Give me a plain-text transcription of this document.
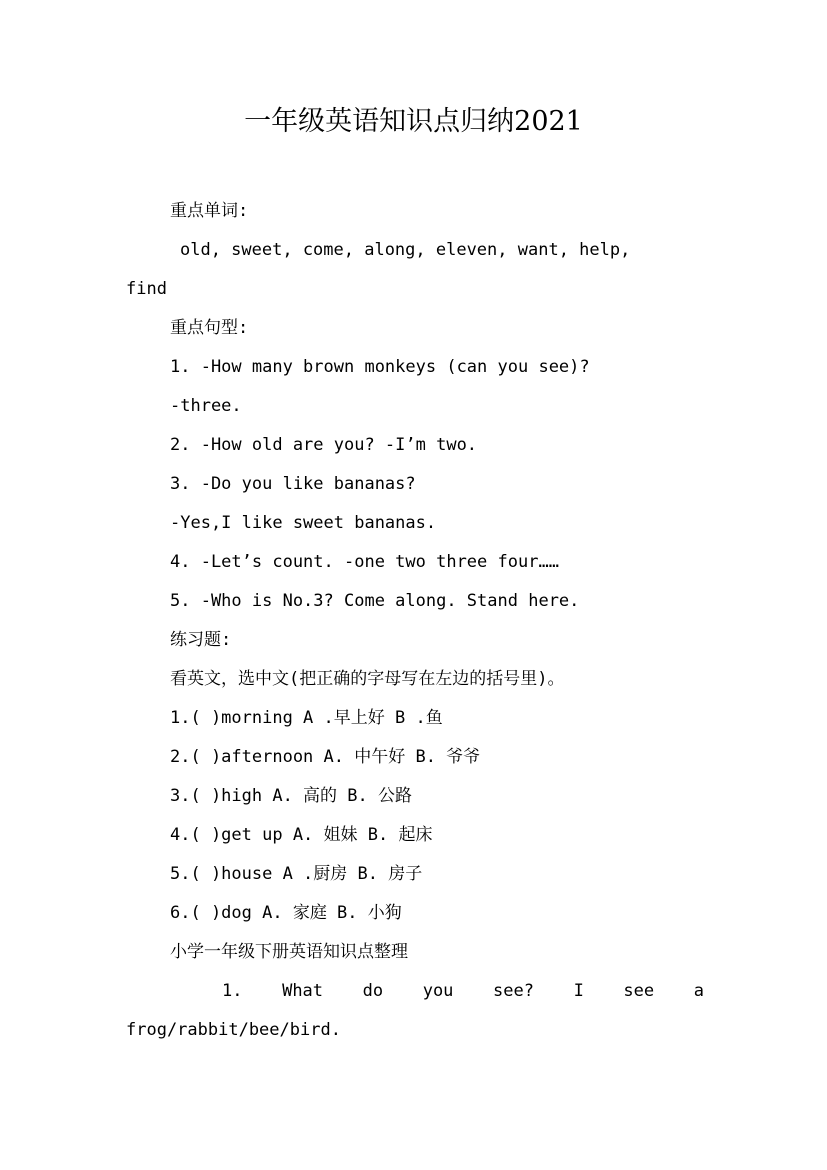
一年级英语知识点归纳2021
重点单词:
old, sweet, come, along, eleven, want, help,
find
重点句型:
1. -How many brown monkeys (can you see)?
-three.
2. -How old are you? -I’m two.
3. -Do you like bananas?
-Yes,I like sweet bananas.
4. -Let’s count. -one two three four……
5. -Who is No.3? Come along. Stand here.
练习题:
看英文，选中文(把正确的字母写在左边的括号里)。
1.( )morning A .早上好 B .鱼
2.( )afternoon A. 中午好 B. 爷爷
3.( )high A. 高的 B. 公路
4.( )get up A. 姐妹 B. 起床
5.( )house A .厨房 B. 房子
6.( )dog A. 家庭 B. 小狗
小学一年级下册英语知识点整理
1. What do you see? I see a
frog/rabbit/bee/bird.
